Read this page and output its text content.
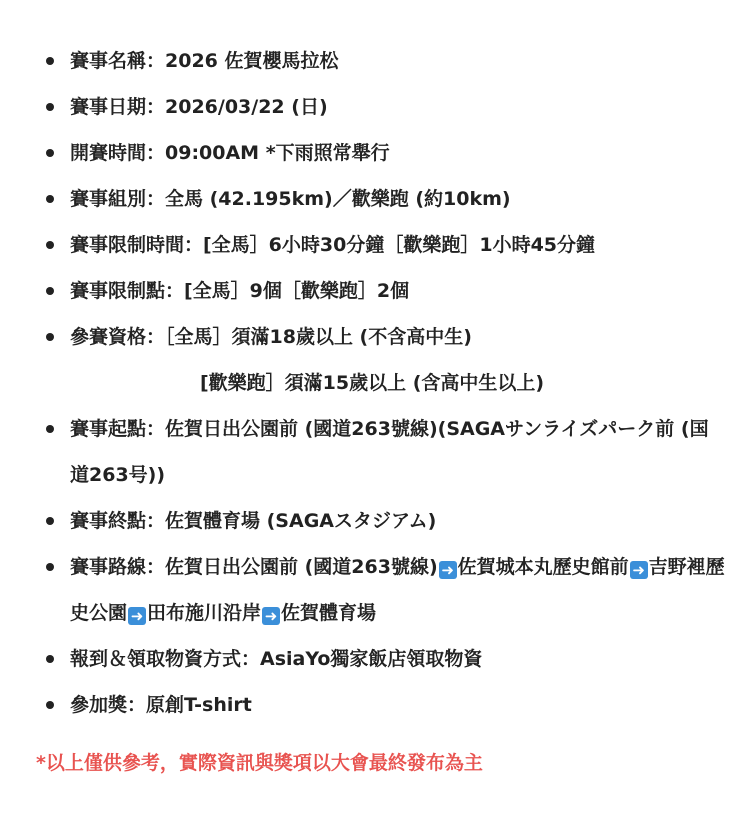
賽事名稱：2026 佐賀櫻馬拉松
賽事日期：2026/03/22 (日)
開賽時間：09:00AM *下雨照常舉行
賽事組別：全馬 (42.195km)／歡樂跑 (約10km)
賽事限制時間：[全馬］6小時30分鐘［歡樂跑］1小時45分鐘
賽事限制點：[全馬］9個［歡樂跑］2個
參賽資格：［全馬］須滿18歲以上 (不含高中生)
[歡樂跑］須滿15歲以上 (含高中生以上)
賽事起點：佐賀日出公園前 (國道263號線)(SAGAサンライズパーク前 (国道263号))
賽事終點：佐賀體育場 (SAGAスタジアム)
賽事路線：佐賀日出公園前 (國道263號線) ➜ 佐賀城本丸歷史館前 ➜ 吉野裡歷史公園 ➜ 田布施川沿岸 ➜ 佐賀體育場
報到＆領取物資方式：AsiaYo獨家飯店領取物資
參加獎：原創T-shirt
*以上僅供參考，實際資訊與獎項以大會最終發布為主
